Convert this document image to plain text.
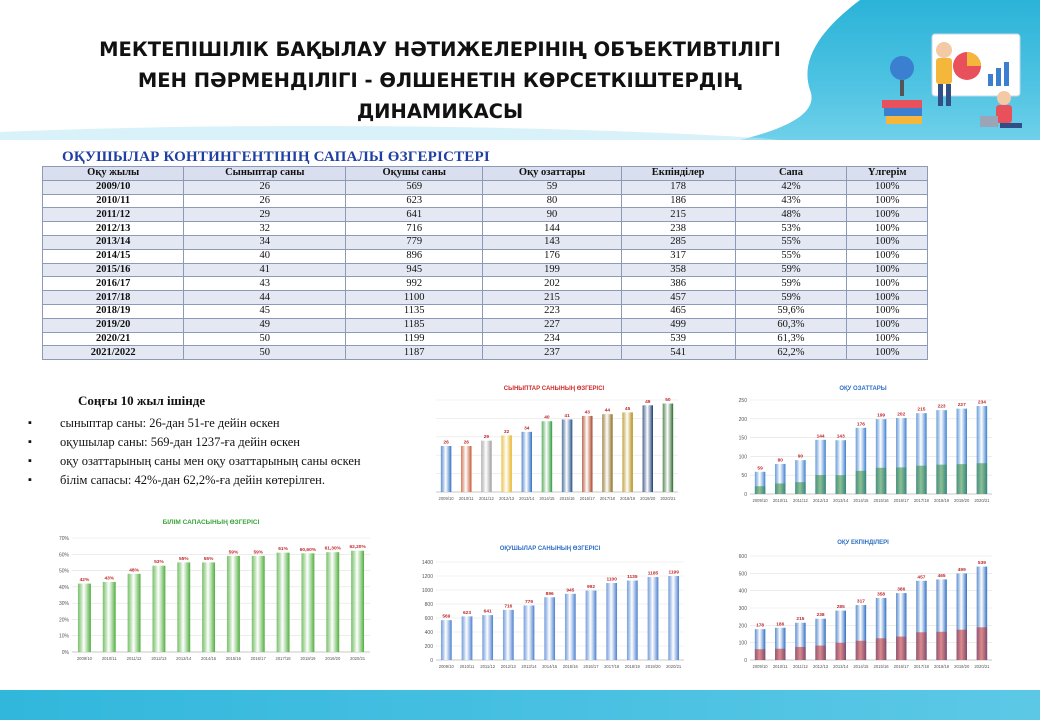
МЕКТЕПІШІЛІК БАҚЫЛАУ НӘТИЖЕЛЕРІНІҢ ОБЪЕКТИВТІЛІГІ
МЕН ПӘРМЕНДІЛІГІ - ӨЛШЕНЕТІН КӨРСЕТКІШТЕРДІҢ
ДИНАМИКАСЫ
ОҚУШЫЛАР КОНТИНГЕНТІНІҢ САПАЛЫ ӨЗГЕРІСТЕРІ
Оқу жылы	Сыныптар саны	Оқушы саны	Оқу озаттары	Екпінділер	Сапа	Үлгерім
2009/10	26	569	59	178	42%	100%
2010/11	26	623	80	186	43%	100%
2011/12	29	641	90	215	48%	100%
2012/13	32	716	144	238	53%	100%
2013/14	34	779	143	285	55%	100%
2014/15	40	896	176	317	55%	100%
2015/16	41	945	199	358	59%	100%
2016/17	43	992	202	386	59%	100%
2017/18	44	1100	215	457	59%	100%
2018/19	45	1135	223	465	59,6%	100%
2019/20	49	1185	227	499	60,3%	100%
2020/21	50	1199	234	539	61,3%	100%
2021/2022	50	1187	237	541	62,2%	100%
Соңғы 10 жыл ішінде
▪ сыныптар саны: 26-дан 51-ге дейін өскен
▪ оқушылар саны: 569-дан 1237-ға дейін өскен
▪ оқу озаттарының саны мен оқу озаттарының саны өскен
▪ білім сапасы: 42%-дан 62,2%-ға дейін көтерілген.
СЫНЫПТАР САНЫНЫҢ ӨЗГЕРІСІ
26
2009/10
26
2010/11
29
2011/12
32
2012/13
34
2013/14
40
2014/15
41
2015/16
43
2016/17
44
2017/18
45
2018/19
49
2019/20
50
2020/21
ОҚУ ОЗАТТАРЫ
0
50
100
150
200
250
59
2009/10
80
2010/11
90
2011/12
144
2012/13
143
2013/14
176
2014/15
199
2015/16
202
2016/17
215
2017/18
223
2018/19
227
2019/20
234
2020/21
БІЛІМ САПАСЫНЫҢ ӨЗГЕРІСІ
0%
10%
20%
30%
40%
50%
60%
70%
42%
2009/10
43%
2010/11
48%
2011/12
53%
2012/13
55%
2013/14
55%
2014/15
59%
2015/16
59%
2016/17
61%
2017/18
60,60%
2018/19
61,30%
2019/20
62,20%
2020/21
ОҚУШЫЛАР САНЫНЫҢ ӨЗГЕРІСІ
0
200
400
600
800
1000
1200
1400
569
2009/10
623
2010/11
641
2011/12
716
2012/13
779
2013/14
896
2014/15
945
2015/16
992
2016/17
1100
2017/18
1135
2018/19
1185
2019/20
1199
2020/21
ОҚУ ЕКПІНДІЛЕРІ
0
100
200
300
400
500
600
178
2009/10
186
2010/11
215
2011/12
238
2012/13
285
2013/14
317
2014/15
358
2015/16
386
2016/17
457
2017/18
465
2018/19
499
2019/20
539
2020/21
